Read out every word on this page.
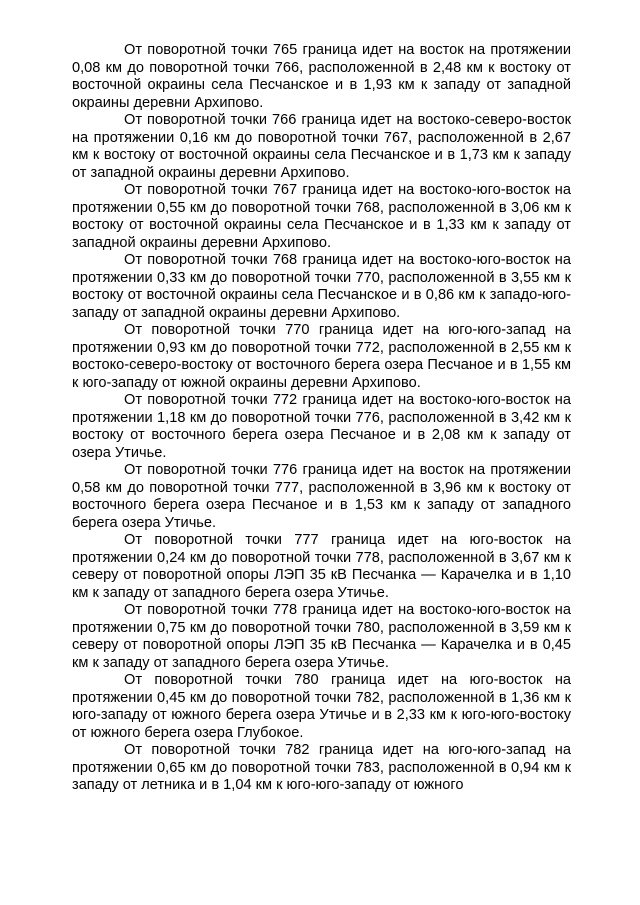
От поворотной точки 765 граница идет на восток на протяжении 0,08 км до поворотной точки 766, расположенной в 2,48 км к востоку от восточной окраины села Песчанское и в 1,93 км к западу от западной окраины деревни Архипово.

От поворотной точки 766 граница идет на востоко-северо-восток на протяжении 0,16 км до поворотной точки 767, расположенной в 2,67 км к востоку от восточной окраины села Песчанское и в 1,73 км к западу от западной окраины деревни Архипово.

От поворотной точки 767 граница идет на востоко-юго-восток на протяжении 0,55 км до поворотной точки 768, расположенной в 3,06 км к востоку от восточной окраины села Песчанское и в 1,33 км к западу от западной окраины деревни Архипово.

От поворотной точки 768 граница идет на востоко-юго-восток на протяжении 0,33 км до поворотной точки 770, расположенной в 3,55 км к востоку от восточной окраины села Песчанское и в 0,86 км к западо-юго-западу от западной окраины деревни Архипово.

От поворотной точки 770 граница идет на юго-юго-запад на протяжении 0,93 км до поворотной точки 772, расположенной в 2,55 км к востоко-северо-востоку от восточного берега озера Песчаное и в 1,55 км к юго-западу от южной окраины деревни Архипово.

От поворотной точки 772 граница идет на востоко-юго-восток на протяжении 1,18 км до поворотной точки 776, расположенной в 3,42 км к востоку от восточного берега озера Песчаное и в 2,08 км к западу от озера Утичье.

От поворотной точки 776 граница идет на восток на протяжении 0,58 км до поворотной точки 777, расположенной в 3,96 км к востоку от восточного берега озера Песчаное и в 1,53 км к западу от западного берега озера Утичье.

От поворотной точки 777 граница идет на юго-восток на протяжении 0,24 км до поворотной точки 778, расположенной в 3,67 км к северу от поворотной опоры ЛЭП 35 кВ Песчанка — Карачелка и в 1,10 км к западу от западного берега озера Утичье.

От поворотной точки 778 граница идет на востоко-юго-восток на протяжении 0,75 км до поворотной точки 780, расположенной в 3,59 км к северу от поворотной опоры ЛЭП 35 кВ Песчанка — Карачелка и в 0,45 км к западу от западного берега озера Утичье.

От поворотной точки 780 граница идет на юго-восток на протяжении 0,45 км до поворотной точки 782, расположенной в 1,36 км к юго-западу от южного берега озера Утичье и в 2,33 км к юго-юго-востоку от южного берега озера Глубокое.

От поворотной точки 782 граница идет на юго-юго-запад на протяжении 0,65 км до поворотной точки 783, расположенной в 0,94 км к западу от летника и в 1,04 км к юго-юго-западу от южного
